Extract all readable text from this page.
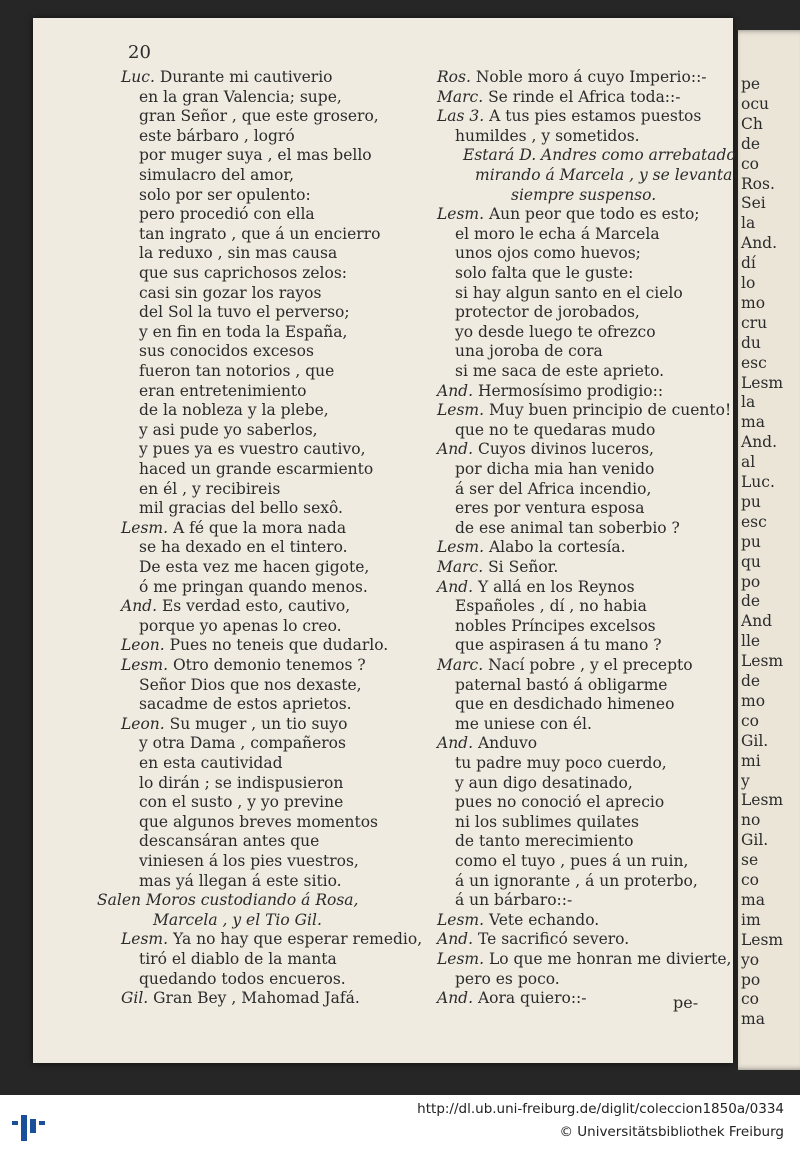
20
Luc. Durante mi cautiverio
en la gran Valencia; supe,
gran Señor , que este grosero,
este bárbaro , logró
por muger suya , el mas bello
simulacro del amor,
solo por ser opulento:
pero procedió con ella
tan ingrato , que á un encierro
la reduxo , sin mas causa
que sus caprichosos zelos:
casi sin gozar los rayos
del Sol la tuvo el perverso;
y en fin en toda la España,
sus conocidos excesos
fueron tan notorios , que
eran entretenimiento
de la nobleza y la plebe,
y asi pude yo saberlos,
y pues ya es vuestro cautivo,
haced un grande escarmiento
en él , y recibireis
mil gracias del bello sexô.
Lesm. A fé que la mora nada
se ha dexado en el tintero.
De esta vez me hacen gigote,
ó me pringan quando menos.
And. Es verdad esto, cautivo,
porque yo apenas lo creo.
Leon. Pues no teneis que dudarlo.
Lesm. Otro demonio tenemos ?
Señor Dios que nos dexaste,
sacadme de estos aprietos.
Leon. Su muger , un tio suyo
y otra Dama , compañeros
en esta cautividad
lo dirán ; se indispusieron
con el susto , y yo previne
que algunos breves momentos
descansáran antes que
viniesen á los pies vuestros,
mas yá llegan á este sitio.
Salen Moros custodiando á Rosa,
Marcela , y el Tio Gil.
Lesm. Ya no hay que esperar remedio,
tiró el diablo de la manta
quedando todos encueros.
Gil. Gran Bey , Mahomad Jafá.
Ros. Noble moro á cuyo Imperio::-
Marc. Se rinde el Africa toda::-
Las 3. A tus pies estamos puestos
humildes , y sometidos.
Estará D. Andres como arrebatado
mirando á Marcela , y se levanta
siempre suspenso.
Lesm. Aun peor que todo es esto;
el moro le echa á Marcela
unos ojos como huevos;
solo falta que le guste:
si hay algun santo en el cielo
protector de jorobados,
yo desde luego te ofrezco
una joroba de cora
si me saca de este aprieto.
And. Hermosísimo prodigio::
Lesm. Muy buen principio de cuento!
que no te quedaras mudo
And. Cuyos divinos luceros,
por dicha mia han venido
á ser del Africa incendio,
eres por ventura esposa
de ese animal tan soberbio ?
Lesm. Alabo la cortesía.
Marc. Si Señor.
And. Y allá en los Reynos
Españoles , dí , no habia
nobles Príncipes excelsos
que aspirasen á tu mano ?
Marc. Nací pobre , y el precepto
paternal bastó á obligarme
que en desdichado himeneo
me uniese con él.
And. Anduvo
tu padre muy poco cuerdo,
y aun digo desatinado,
pues no conoció el aprecio
ni los sublimes quilates
de tanto merecimiento
como el tuyo , pues á un ruin,
á un ignorante , á un proterbo,
á un bárbaro::-
Lesm. Vete echando.
And. Te sacrificó severo.
Lesm. Lo que me honran me divierte,
pero es poco.
And. Aora quiero::-	pe-
pe
ocu
Ch
de
co
Ros.
Sei
la
And.
dí
lo
mo
cru
du
esc
Lesm
la
ma
And.
al
Luc.
pu
esc
pu
qu
po
de
And
lle
Lesm
de
mo
co
Gil.
mi
y
Lesm
no
Gil.
se
co
ma
im
Lesm
yo
po
co
ma
http://dl.ub.uni-freiburg.de/diglit/coleccion1850a/0334
© Universitätsbibliothek Freiburg
